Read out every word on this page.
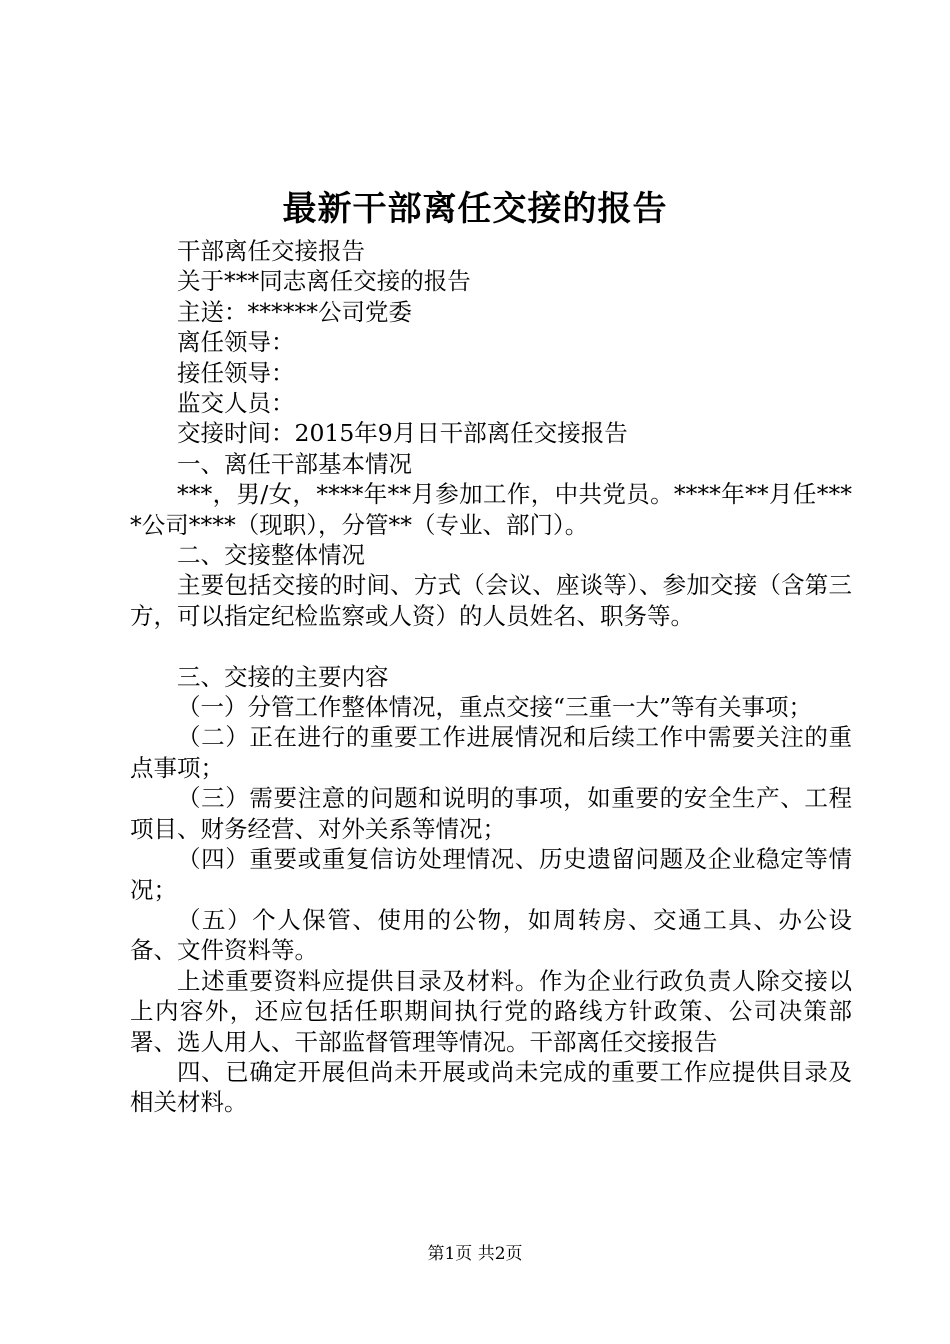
最新干部离任交接的报告

干部离任交接报告

关于***同志离任交接的报告

主送：******公司党委

离任领导：

接任领导：

监交人员：

交接时间：2015年9月日干部离任交接报告

一、离任干部基本情况

***，男/女，****年**月参加工作，中共党员。****年**月任****公司****（现职），分管**（专业、部门）。

二、交接整体情况

主要包括交接的时间、方式（会议、座谈等）、参加交接（含第三方，可以指定纪检监察或人资）的人员姓名、职务等。

三、交接的主要内容

（一）分管工作整体情况，重点交接“三重一大”等有关事项；

（二）正在进行的重要工作进展情况和后续工作中需要关注的重点事项；

（三）需要注意的问题和说明的事项，如重要的安全生产、工程项目、财务经营、对外关系等情况；

（四）重要或重复信访处理情况、历史遗留问题及企业稳定等情况；

（五）个人保管、使用的公物，如周转房、交通工具、办公设备、文件资料等。

上述重要资料应提供目录及材料。作为企业行政负责人除交接以上内容外，还应包括任职期间执行党的路线方针政策、公司决策部署、选人用人、干部监督管理等情况。干部离任交接报告

四、已确定开展但尚未开展或尚未完成的重要工作应提供目录及相关材料。

第1页 共2页
